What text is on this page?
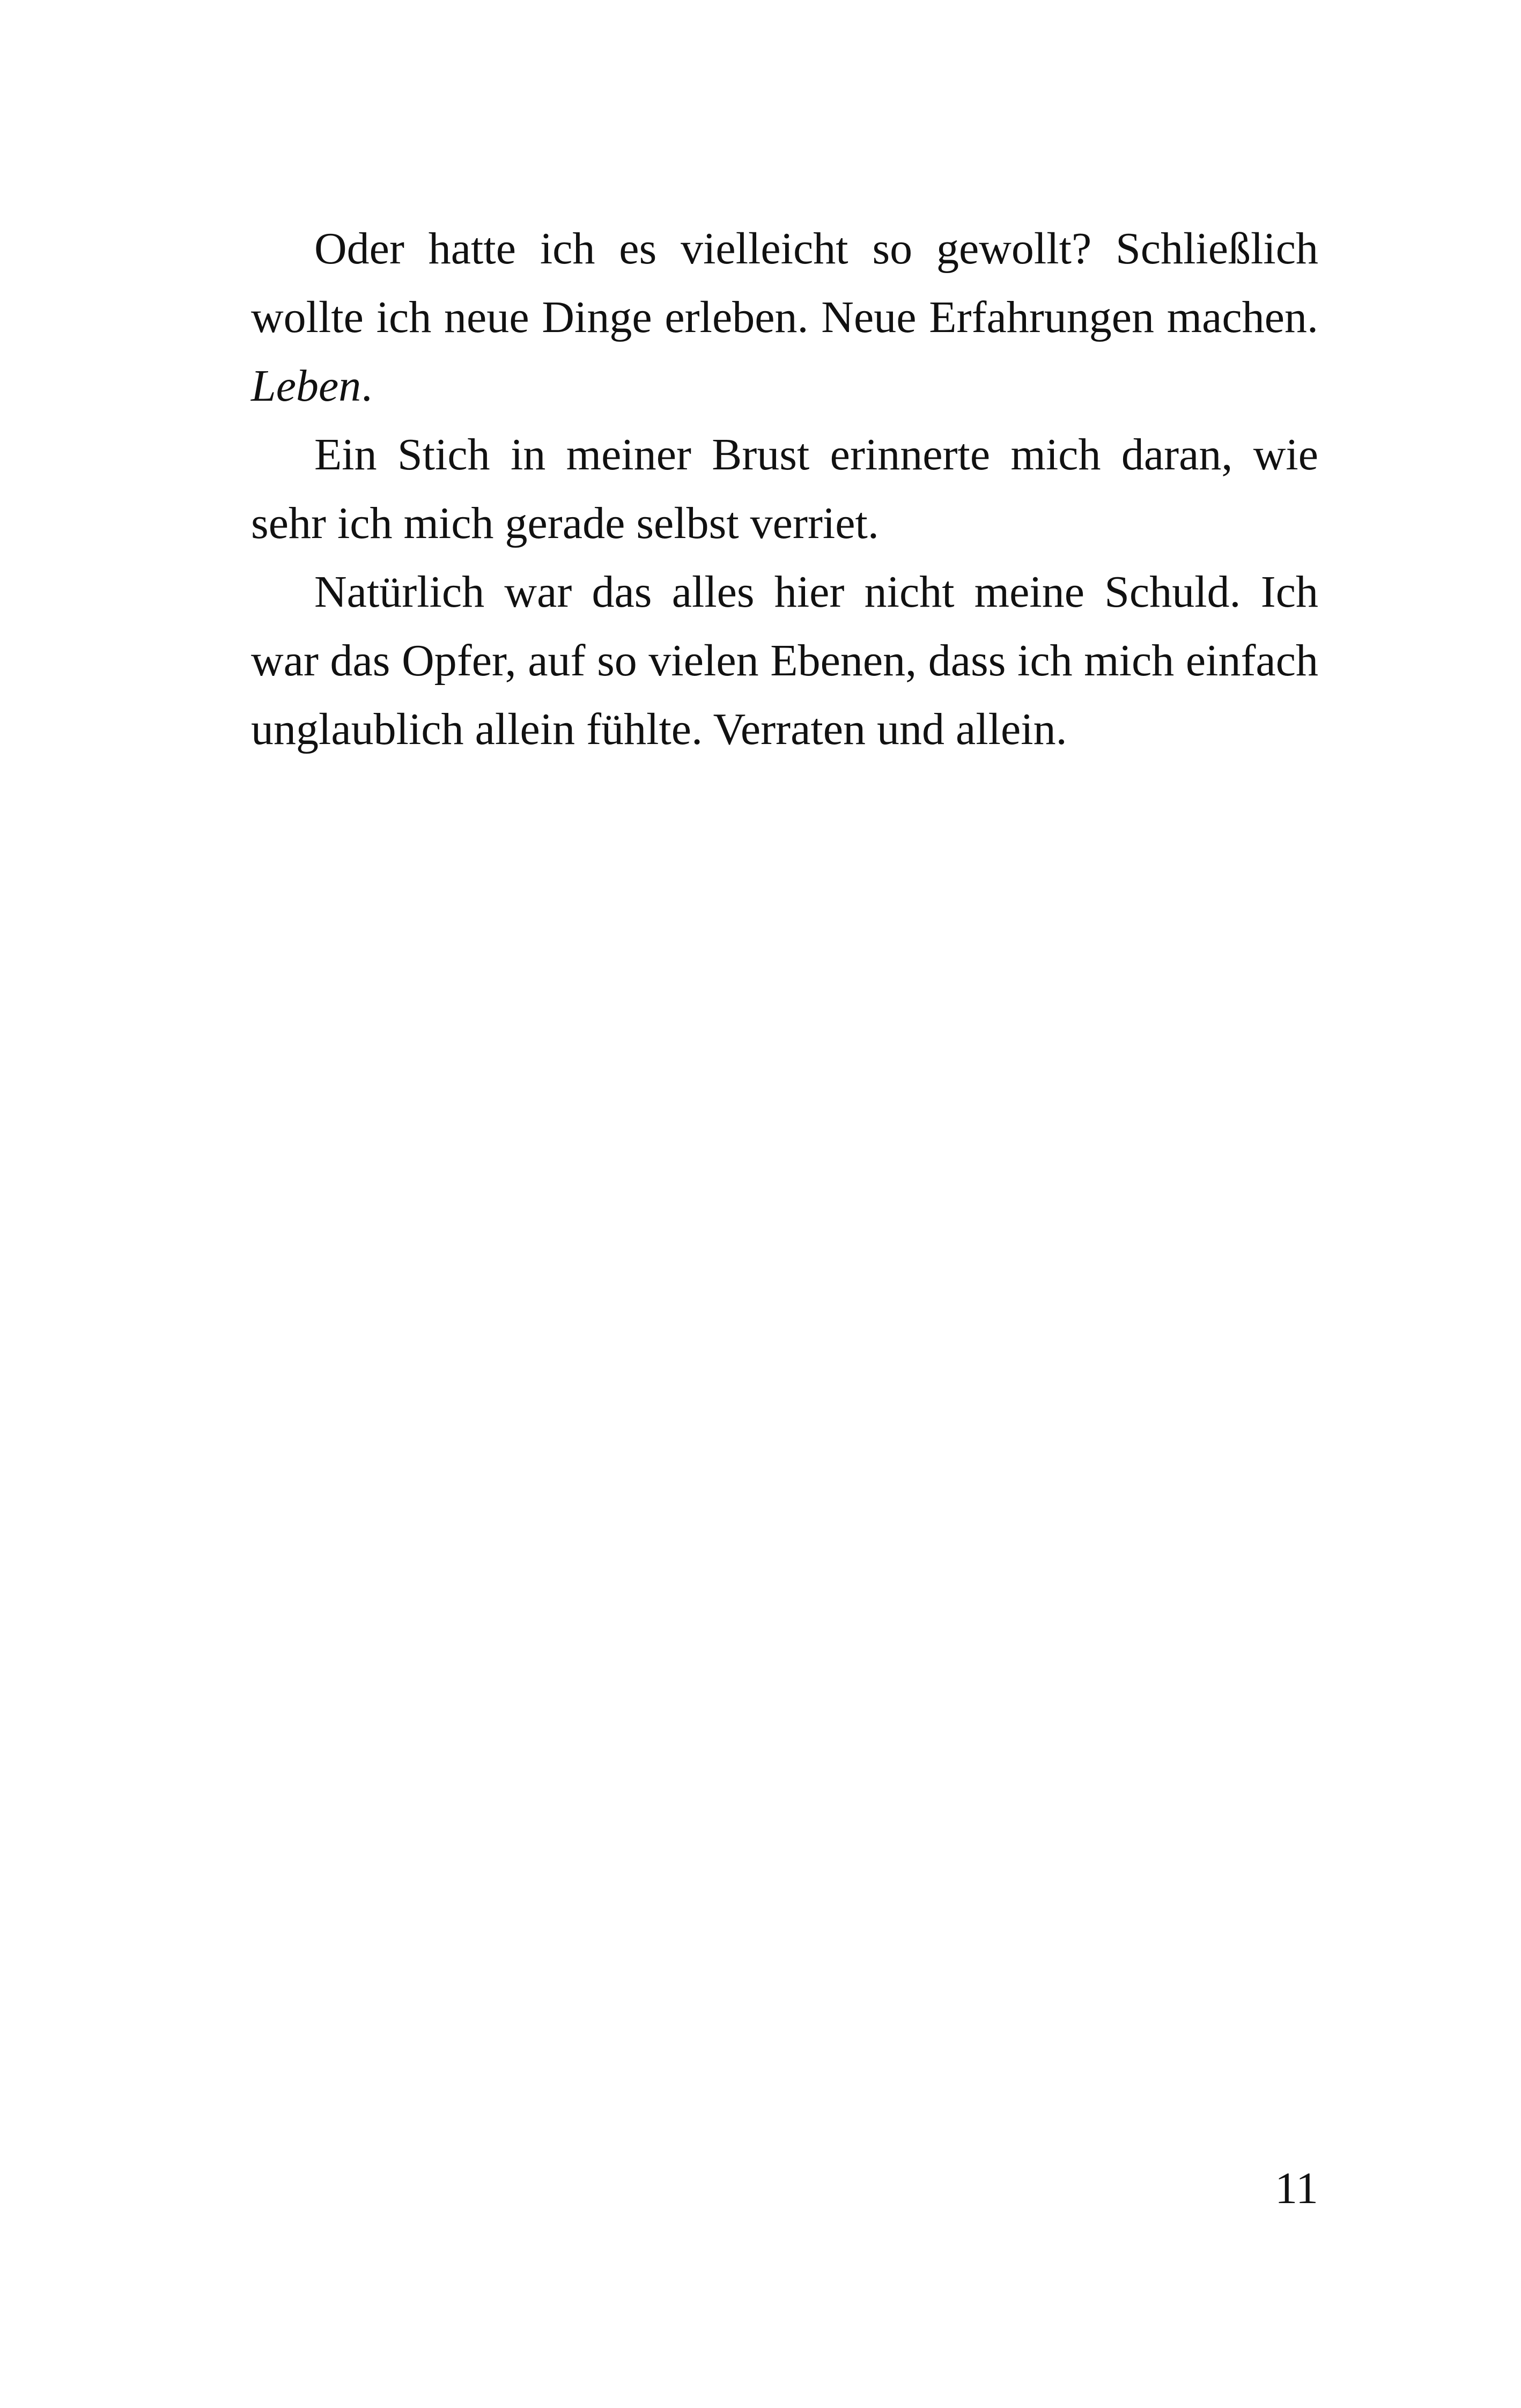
Oder hatte ich es vielleicht so gewollt? Schließlich wollte ich neue Dinge erleben. Neue Erfahrungen machen. Leben.

Ein Stich in meiner Brust erinnerte mich daran, wie sehr ich mich gerade selbst verriet.

Natürlich war das alles hier nicht meine Schuld. Ich war das Opfer, auf so vielen Ebenen, dass ich mich einfach unglaublich allein fühlte. Verraten und allein.

11
